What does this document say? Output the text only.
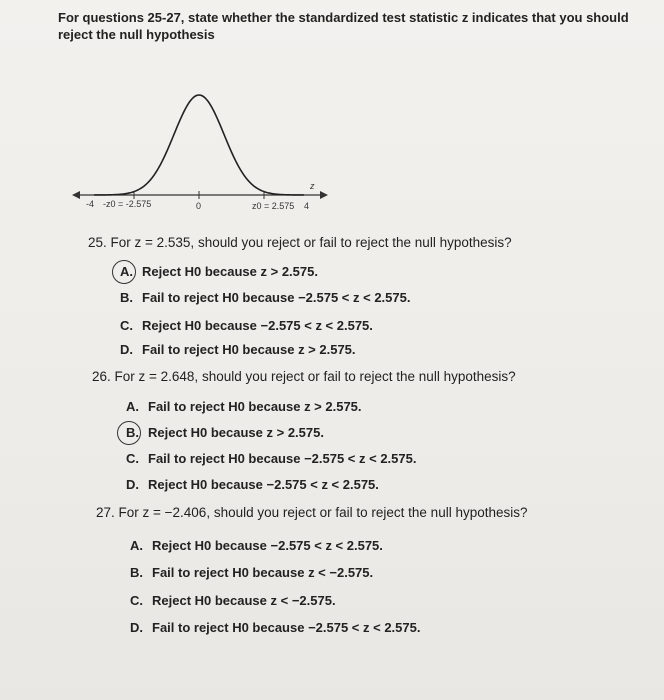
For questions 25-27, state whether the standardized test statistic z indicates that you should reject the null hypothesis
-4 -z0 = -2.575	0	z0 = 2.575 4
z
25. For z = 2.535, should you reject or fail to reject the null hypothesis?
A. Reject H0 because z > 2.575.
B. Fail to reject H0 because −2.575 < z < 2.575.
C. Reject H0 because −2.575 < z < 2.575.
D. Fail to reject H0 because z > 2.575.
26. For z = 2.648, should you reject or fail to reject the null hypothesis?
A. Fail to reject H0 because z > 2.575.
B. Reject H0 because z > 2.575.
C. Fail to reject H0 because −2.575 < z < 2.575.
D. Reject H0 because −2.575 < z < 2.575.
27. For z = −2.406, should you reject or fail to reject the null hypothesis?
A. Reject H0 because −2.575 < z < 2.575.
B. Fail to reject H0 because z < −2.575.
C. Reject H0 because z < −2.575.
D. Fail to reject H0 because −2.575 < z < 2.575.
